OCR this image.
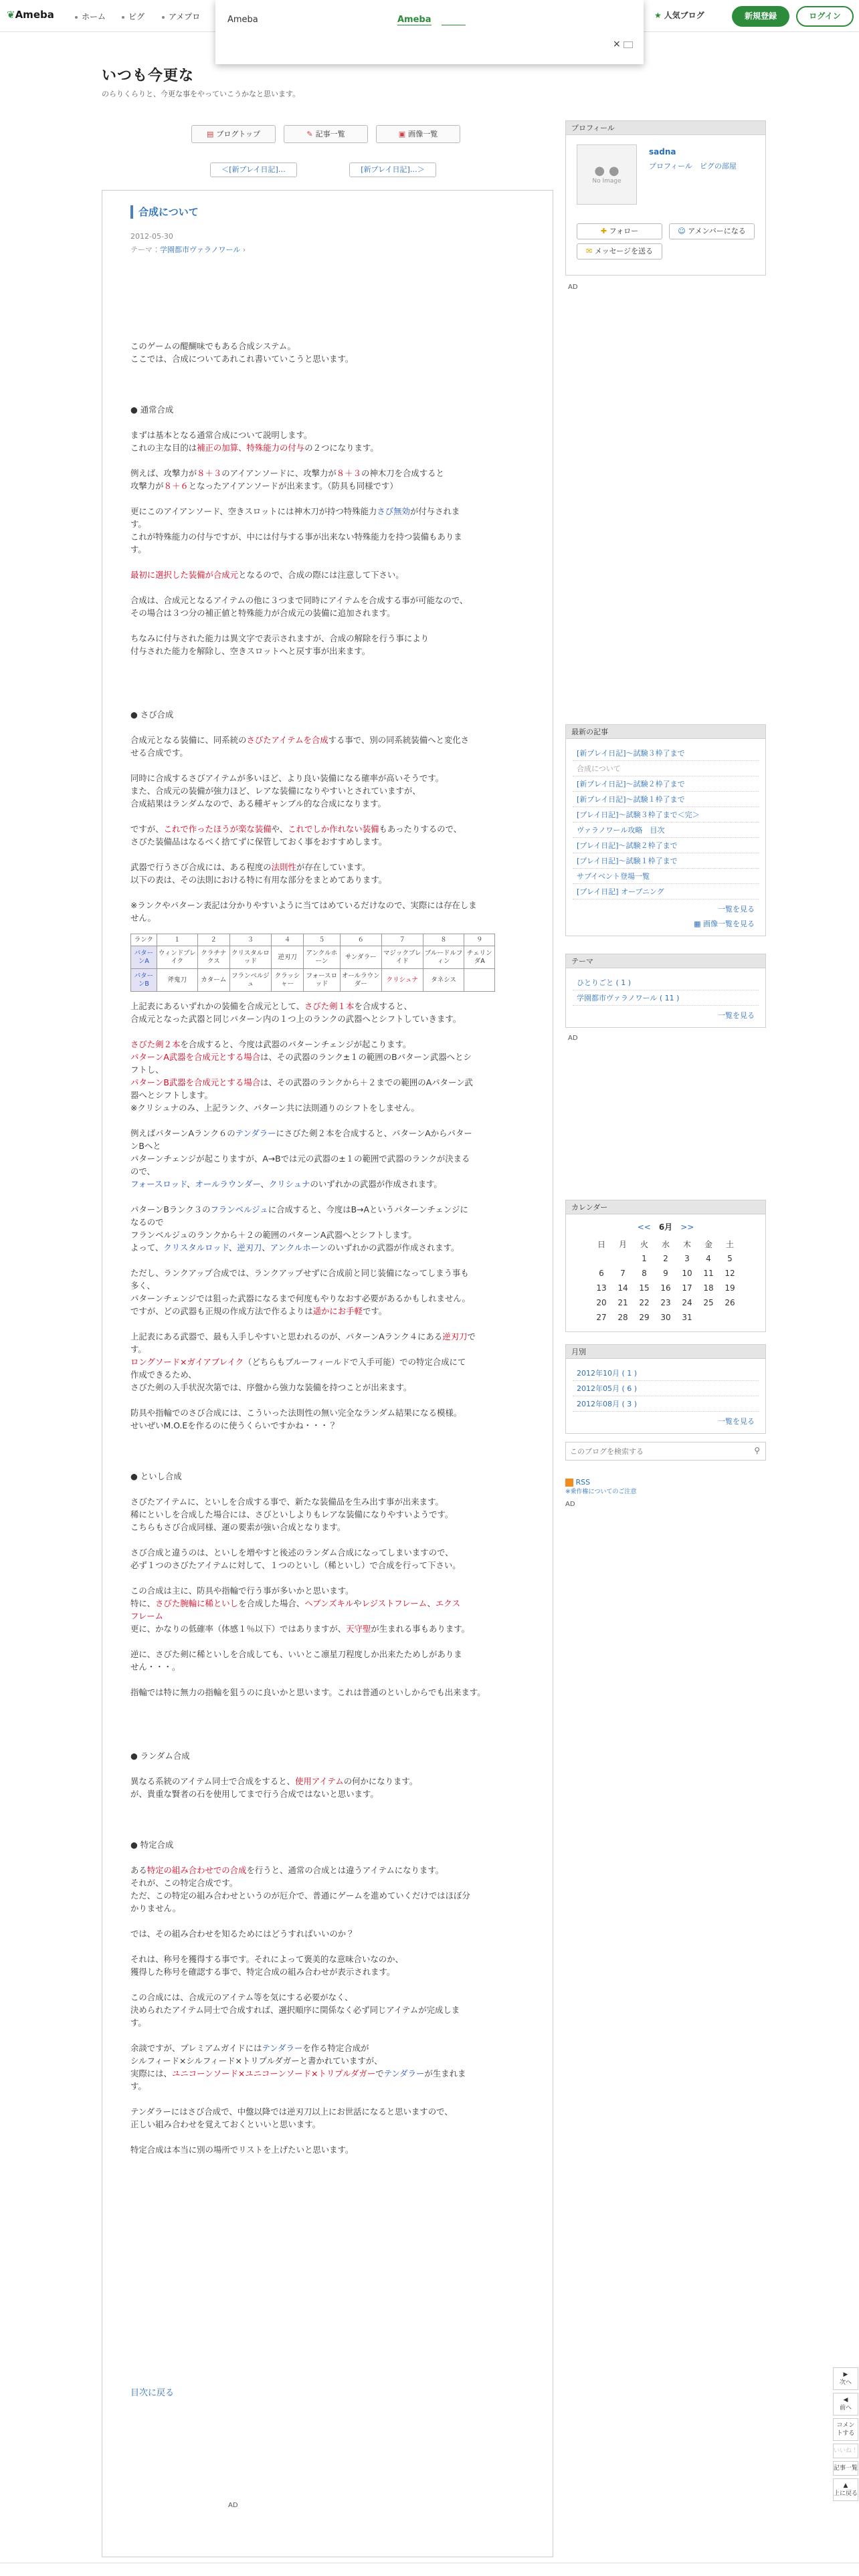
❦Ameba	ホーム	ピグ	アメプロ	★ 人気ブログ	新規登録	ログイン
Ameba	Ameba
×
いつも今更な
のらりくらりと、今更な事をやっていこうかなと思います。
▤ ブログトップ	✎ 記事一覧	▣ 画像一覧
＜[新プレイ日記]…	[新プレイ日記]…＞
合成について
2012-05-30
テーマ：学園都市ヴァラノワール ›

このゲームの醍醐味でもある合成システム。

ここでは、合成についてあれこれ書いていこうと思います。

● 通常合成

まずは基本となる通常合成について説明します。

これの主な目的は補正の加算、特殊能力の付与の２つになります。

例えば、攻撃力が８＋３のアイアンソードに、攻撃力が８＋３の神木刀を合成すると

攻撃力が８＋６となったアイアンソードが出来ます。（防具も同様です）

更にこのアイアンソード、空きスロットには神木刀が持つ特殊能力さび無効が付与されま

す。

これが特殊能力の付与ですが、中には付与する事が出来ない特殊能力を持つ装備もありま

す。

最初に選択した装備が合成元となるので、合成の際には注意して下さい。

合成は、合成元となるアイテムの他に３つまで同時にアイテムを合成する事が可能なので、

その場合は３つ分の補正値と特殊能力が合成元の装備に追加されます。

ちなみに付与された能力は異文字で表示されますが、合成の解除を行う事により

付与された能力を解除し、空きスロットへと戻す事が出来ます。

● さび合成

合成元となる装備に、同系統のさびたアイテムを合成する事で、別の同系統装備へと変化さ

せる合成です。

同時に合成するさびアイテムが多いほど、より良い装備になる確率が高いそうです。

また、合成元の装備が強力ほど、レアな装備になりやすいとされていますが、

合成結果はランダムなので、ある種ギャンブル的な合成になります。

ですが、これで作ったほうが楽な装備や、これでしか作れない装備もあったりするので、

さびた装備品はなるべく捨てずに保管しておく事をおすすめします。

武器で行うさび合成には、ある程度の法則性が存在しています。

以下の表は、その法則における特に有用な部分をまとめてあります。

※ランクやパターン表記は分かりやすいように当てはめているだけなので、実際には存在しま

せん。

ランク	１	２	３	４	５	６	７	８	９
パターンA	ウィンドブレイク	クラチナクス	クリスタルロッド	逆刃刀	アンクルホーン	サンダラー	マジックブレイド	ブルードルフィン	チェリンダA
パターンB	斧鬼刀	カターム	フランベルジュ	クラッシャー	フォースロッド	オールラウンダー	クリシュナ	タネシス	

上記表にあるいずれかの装備を合成元として、さびた剣１本を合成すると、

合成元となった武器と同じパターン内の１つ上のランクの武器へとシフトしていきます。

さびた剣２本を合成すると、今度は武器のパターンチェンジが起こります。

パターンA武器を合成元とする場合は、その武器のランク±１の範囲のBパターン武器へとシ

フトし、

パターンB武器を合成元とする場合は、その武器のランクから＋２までの範囲のAパターン武

器へとシフトします。

※クリシュナのみ、上記ランク、パターン共に法則通りのシフトをしません。

例えばパターンAランク６のテンダラーにさびた剣２本を合成すると、パターンAからパター

ンBへと

パターンチェンジが起こりますが、A→Bでは元の武器の±１の範囲で武器のランクが決まる

ので、

フォースロッド、オールラウンダー、クリシュナのいずれかの武器が作成されます。

パターンBランク３のフランベルジュに合成すると、今度はB→Aというパターンチェンジに

なるので

フランベルジュのランクから＋２の範囲のパターンA武器へとシフトします。

よって、クリスタルロッド、逆刃刀、アンクルホーンのいずれかの武器が作成されます。

ただし、ランクアップ合成では、ランクアップせずに合成前と同じ装備になってしまう事も

多く、

パターンチェンジでは狙った武器になるまで何度もやりなおす必要があるかもしれません。

ですが、どの武器も正規の作成方法で作るよりは遥かにお手軽です。

上記表にある武器で、最も入手しやすいと思われるのが、パターンAランク４にある逆刃刀で

す。

ロングソード×ガイアブレイク（どちらもブルーフィールドで入手可能）での特定合成にて

作成できるため、

さびた剣の入手状況次第では、序盤から強力な装備を持つことが出来ます。

防具や指輪でのさび合成には、こういった法則性の無い完全なランダム結果になる模様。

せいぜいM.O.Eを作るのに使うくらいですかね・・・？

● といし合成

さびたアイテムに、といしを合成する事で、新たな装備品を生み出す事が出来ます。

稀にといしを合成した場合には、さびといしよりもレアな装備になりやすいようです。

こちらもさび合成同様、運の要素が強い合成となります。

さび合成と違うのは、といしを増やすと後述のランダム合成になってしまいますので、

必ず１つのさびたアイテムに対して、１つのといし（稀といし）で合成を行って下さい。

この合成は主に、防具や指輪で行う事が多いかと思います。

特に、さびた腕輪に稀といしを合成した場合、ヘブンズキルやレジストフレーム、エクス

フレーム

更に、かなりの低確率（体感１％以下）ではありますが、天守聖が生まれる事もあります。

逆に、さびた剣に稀といしを合成しても、いいとこ凛星刀程度しか出来たためしがありま

せん・・・。

指輪では特に無力の指輪を狙うのに良いかと思います。これは普通のといしからでも出来ます。

● ランダム合成

異なる系統のアイテム同士で合成をすると、使用アイテムの何かになります。

が、貴重な賢者の石を使用してまで行う合成ではないと思います。

● 特定合成

ある特定の組み合わせでの合成を行うと、通常の合成とは違うアイテムになります。

それが、この特定合成です。

ただ、この特定の組み合わせというのが厄介で、普通にゲームを進めていくだけではほぼ分

かりません。

では、その組み合わせを知るためにはどうすればいいのか？

それは、称号を獲得する事です。それによって褒美的な意味合いなのか、

獲得した称号を確認する事で、特定合成の組み合わせが表示されます。

この合成には、合成元のアイテム等を気にする必要がなく、

決められたアイテム同士で合成すれば、選択順序に関係なく必ず同じアイテムが完成しま

す。

余談ですが、プレミアムガイドにはテンダラーを作る特定合成が

シルフィード×シルフィード×トリプルダガーと書かれていますが、

実際には、ユニコーンソード×ユニコーンソード×トリプルダガーでテンダラーが生まれま

す。

テンダラーにはさび合成で、中盤以降では逆刃刀以上にお世話になると思いますので、

正しい組み合わせを覚えておくといいと思います。

特定合成は本当に別の場所でリストを上げたいと思います。

目次に戻る
AD
プロフィール
● ●
No Image
sadna
プロフィール　ピグの部屋
✚ フォロー	☺ アメンバーになる
✉ メッセージを送る
AD
最新の記事
[新プレイ日記]～試験３枠了まで
合成について
[新プレイ日記]～試験２枠了まで
[新プレイ日記]～試験１枠了まで
[プレイ日記]～試験３枠了まで＜完＞
ヴァラノワール攻略　目次
[プレイ日記]～試験２枠了まで
[プレイ日記]～試験１枠了まで
サブイベント登場一覧
[プレイ日記] オープニング
一覧を見る
▦ 画像一覧を見る
テーマ
ひとりごと ( 1 )
学園都市ヴァラノワール ( 11 )
一覧を見る
AD
カレンダー
<<　 6月　 >>
日	月	火	水	木	金	土
		1	2	3	4	5
6	7	8	9	10	11	12
13	14	15	16	17	18	19
20	21	22	23	24	25	26
27	28	29	30	31		
月別
2012年10月 ( 1 )
2012年05月 ( 6 )
2012年08月 ( 3 )
一覧を見る
このブログを検索する
⚲
RSS
※乗作権についてのご注意
AD
▶
次へ
◀
前へ
コメントする
いいね！
記事一覧
▲
上に戻る
